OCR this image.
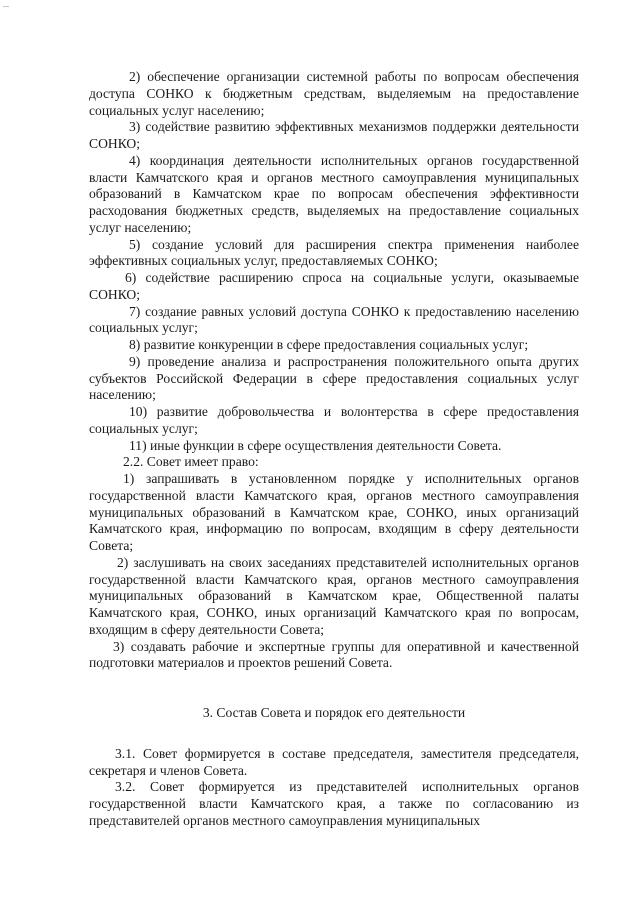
2) обеспечение организации системной работы по вопросам обеспечения доступа СОНКО к бюджетным средствам, выделяемым на предоставление социальных услуг населению;

3) содействие развитию эффективных механизмов поддержки деятельности СОНКО;

4) координация деятельности исполнительных органов государственной власти Камчатского края и органов местного самоуправления муниципальных образований в Камчатском крае по вопросам обеспечения эффективности расходования бюджетных средств, выделяемых на предоставление социальных услуг населению;

5) создание условий для расширения спектра применения наиболее эффективных социальных услуг, предоставляемых СОНКО;

6) содействие расширению спроса на социальные услуги, оказываемые СОНКО;

7) создание равных условий доступа СОНКО к предоставлению населению социальных услуг;

8) развитие конкуренции в сфере предоставления социальных услуг;

9) проведение анализа и распространения положительного опыта других субъектов Российской Федерации в сфере предоставления социальных услуг населению;

10) развитие добровольчества и волонтерства в сфере предоставления социальных услуг;

11) иные функции в сфере осуществления деятельности Совета.

2.2. Совет имеет право:

1) запрашивать в установленном порядке у исполнительных органов государственной власти Камчатского края, органов местного самоуправления муниципальных образований в Камчатском крае, СОНКО, иных организаций Камчатского края, информацию по вопросам, входящим в сферу деятельности Совета;

2) заслушивать на своих заседаниях представителей исполнительных органов государственной власти Камчатского края, органов местного самоуправления муниципальных образований в Камчатском крае, Общественной палаты Камчатского края, СОНКО, иных организаций Камчатского края по вопросам, входящим в сферу деятельности Совета;

3) создавать рабочие и экспертные группы для оперативной и качественной подготовки материалов и проектов решений Совета.

3. Состав Совета и порядок его деятельности

3.1. Совет формируется в составе председателя, заместителя председателя, секретаря и членов Совета.

3.2. Совет формируется из представителей исполнительных органов государственной власти Камчатского края, а также по согласованию из представителей органов местного самоуправления муниципальных
